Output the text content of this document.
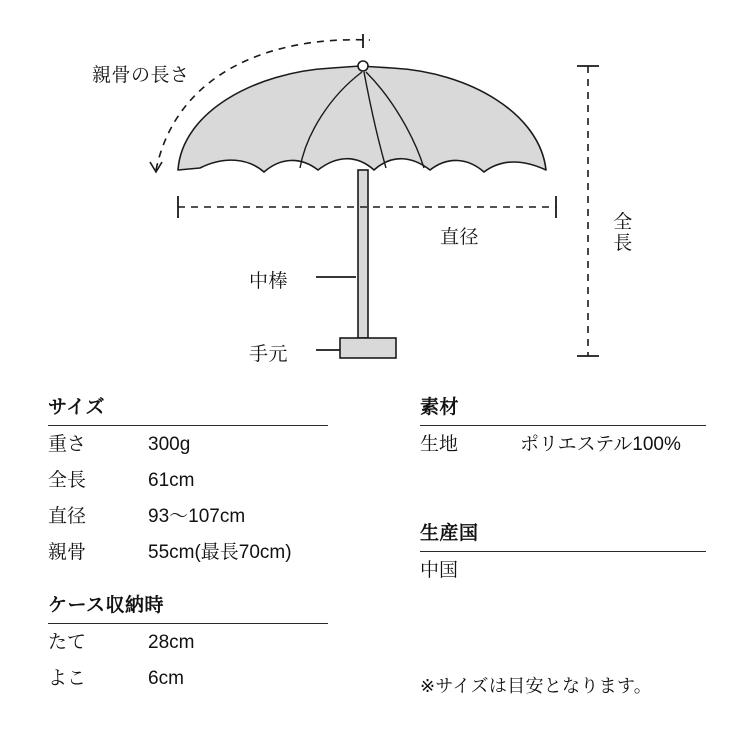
親骨の長さ
直径
全長
中棒
手元
サイズ
重さ	300g
全長	61cm
直径	93〜107cm
親骨	55cm(最長70cm)
ケース収納時
たて	28cm
よこ	6cm
素材
生地	ポリエステル100%
生産国
中国
※サイズは目安となります。
